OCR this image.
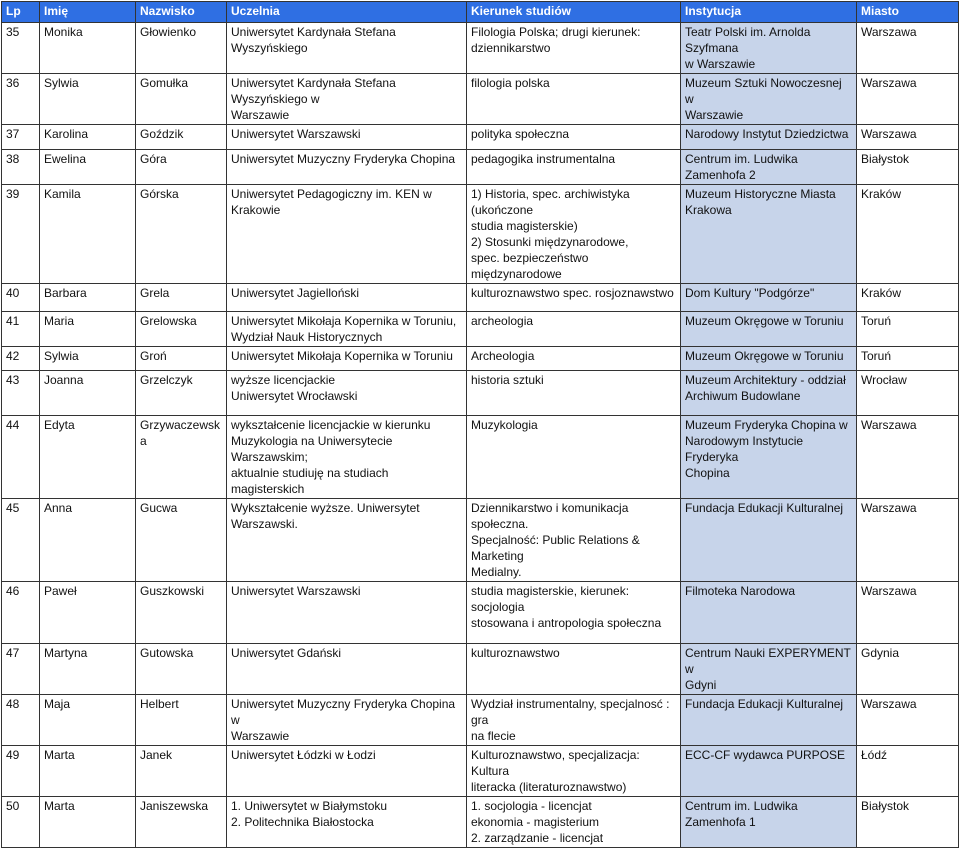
Lp	Imię	Nazwisko	Uczelnia	Kierunek studiów	Instytucja	Miasto

35	Monika	Głowienko	Uniwersytet Kardynała Stefana Wyszyńskiego	Filologia Polska; drugi kierunek:
dziennikarstwo	Teatr Polski im. Arnolda Szyfmana
w Warszawie	Warszawa

36	Sylwia	Gomułka	Uniwersytet Kardynała Stefana Wyszyńskiego w
Warszawie	filologia polska	Muzeum Sztuki Nowoczesnej w
Warszawie	Warszawa

37	Karolina	Goździk	Uniwersytet Warszawski	polityka społeczna	Narodowy Instytut Dziedzictwa	Warszawa

38	Ewelina	Góra	Uniwersytet Muzyczny Fryderyka Chopina	pedagogika instrumentalna	Centrum im. Ludwika Zamenhofa 2	Białystok

39	Kamila	Górska	Uniwersytet Pedagogiczny im. KEN w Krakowie	1) Historia, spec. archiwistyka (ukończone
studia magisterskie)
2) Stosunki międzynarodowe,
spec. bezpieczeństwo międzynarodowe	Muzeum Historyczne Miasta
Krakowa	Kraków

40	Barbara	Grela	Uniwersytet Jagielloński	kulturoznawstwo spec. rosjoznawstwo	Dom Kultury "Podgórze"	Kraków

41	Maria	Grelowska	Uniwersytet Mikołaja Kopernika w Toruniu,
Wydział Nauk Historycznych	archeologia	Muzeum Okręgowe w Toruniu	Toruń

42	Sylwia	Groń	Uniwersytet Mikołaja Kopernika w Toruniu	Archeologia	Muzeum Okręgowe w Toruniu	Toruń

43	Joanna	Grzelczyk	wyższe licencjackie
Uniwersytet Wrocławski	historia sztuki	Muzeum Architektury - oddział
Archiwum Budowlane	Wrocław

44	Edyta	Grzywaczewska	wykształcenie licencjackie w kierunku
Muzykologia na Uniwersytecie Warszawskim;
aktualnie studiuję na studiach magisterskich	Muzykologia	Muzeum Fryderyka Chopina w
Narodowym Instytucie Fryderyka
Chopina	Warszawa

45	Anna	Gucwa	Wykształcenie wyższe. Uniwersytet
Warszawski.	Dziennikarstwo i komunikacja społeczna.
Specjalność: Public Relations & Marketing
Medialny.	Fundacja Edukacji Kulturalnej	Warszawa

46	Paweł	Guszkowski	Uniwersytet Warszawski	studia magisterskie, kierunek: socjologia
stosowana i antropologia społeczna	Filmoteka Narodowa	Warszawa

47	Martyna	Gutowska	Uniwersytet Gdański	kulturoznawstwo	Centrum Nauki EXPERYMENT w
Gdyni	Gdynia

48	Maja	Helbert	Uniwersytet Muzyczny Fryderyka Chopina w
Warszawie	Wydział instrumentalny, specjalnosć : gra
na flecie	Fundacja Edukacji Kulturalnej	Warszawa

49	Marta	Janek	Uniwersytet Łódzki w Łodzi	Kulturoznawstwo, specjalizacja: Kultura
literacka (literaturoznawstwo)	ECC-CF wydawca PURPOSE	Łódź

50	Marta	Janiszewska	1. Uniwersytet w Białymstoku
2. Politechnika Białostocka	1. socjologia - licencjat
ekonomia - magisterium
2. zarządzanie - licencjat	Centrum im. Ludwika Zamenhofa 1	Białystok
